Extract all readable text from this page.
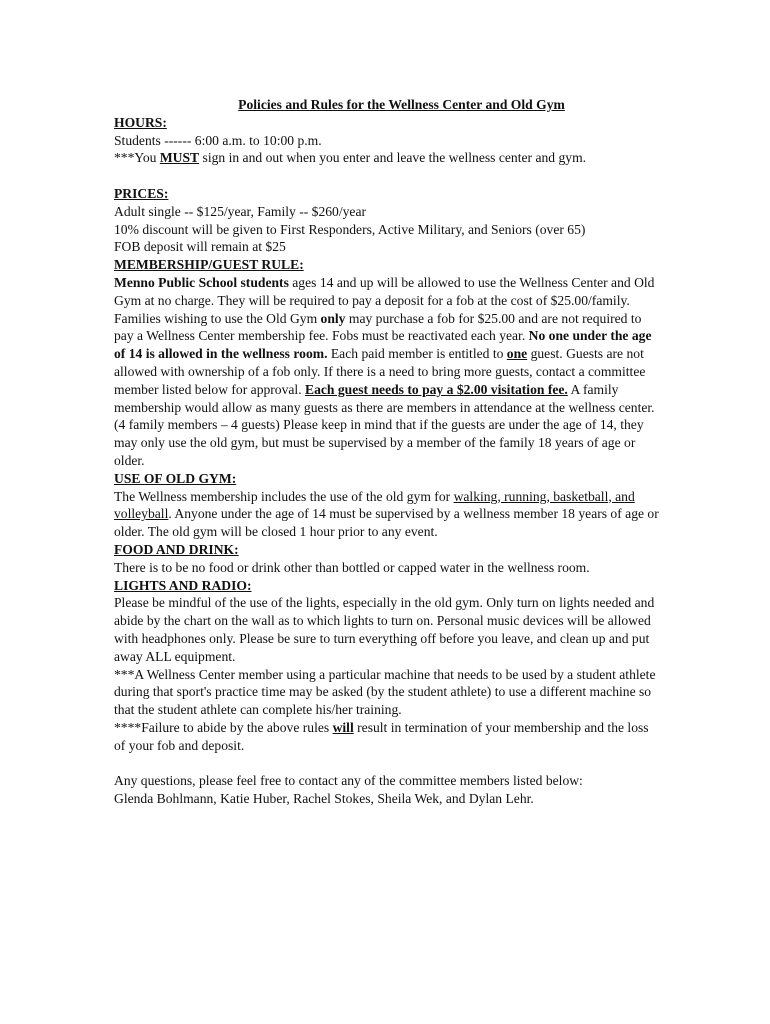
Policies and Rules for the Wellness Center and Old Gym

HOURS:

Students ------ 6:00 a.m. to 10:00 p.m.

***You MUST sign in and out when you enter and leave the wellness center and gym.

PRICES:

Adult single -- $125/year, Family -- $260/year

10% discount will be given to First Responders, Active Military, and Seniors (over 65)

FOB deposit will remain at $25

MEMBERSHIP/GUEST RULE:

Menno Public School students ages 14 and up will be allowed to use the Wellness Center and Old Gym at no charge. They will be required to pay a deposit for a fob at the cost of $25.00/family. Families wishing to use the Old Gym only may purchase a fob for $25.00 and are not required to pay a Wellness Center membership fee. Fobs must be reactivated each year. No one under the age of 14 is allowed in the wellness room. Each paid member is entitled to one guest. Guests are not allowed with ownership of a fob only. If there is a need to bring more guests, contact a committee member listed below for approval. Each guest needs to pay a $2.00 visitation fee. A family membership would allow as many guests as there are members in attendance at the wellness center. (4 family members – 4 guests) Please keep in mind that if the guests are under the age of 14, they may only use the old gym, but must be supervised by a member of the family 18 years of age or older.

USE OF OLD GYM:

The Wellness membership includes the use of the old gym for walking, running, basketball, and volleyball. Anyone under the age of 14 must be supervised by a wellness member 18 years of age or older. The old gym will be closed 1 hour prior to any event.

FOOD AND DRINK:

There is to be no food or drink other than bottled or capped water in the wellness room.

LIGHTS AND RADIO:

Please be mindful of the use of the lights, especially in the old gym. Only turn on lights needed and abide by the chart on the wall as to which lights to turn on. Personal music devices will be allowed with headphones only. Please be sure to turn everything off before you leave, and clean up and put away ALL equipment.

***A Wellness Center member using a particular machine that needs to be used by a student athlete during that sport's practice time may be asked (by the student athlete) to use a different machine so that the student athlete can complete his/her training.

****Failure to abide by the above rules will result in termination of your membership and the loss of your fob and deposit.

Any questions, please feel free to contact any of the committee members listed below:

Glenda Bohlmann, Katie Huber, Rachel Stokes, Sheila Wek, and Dylan Lehr.
